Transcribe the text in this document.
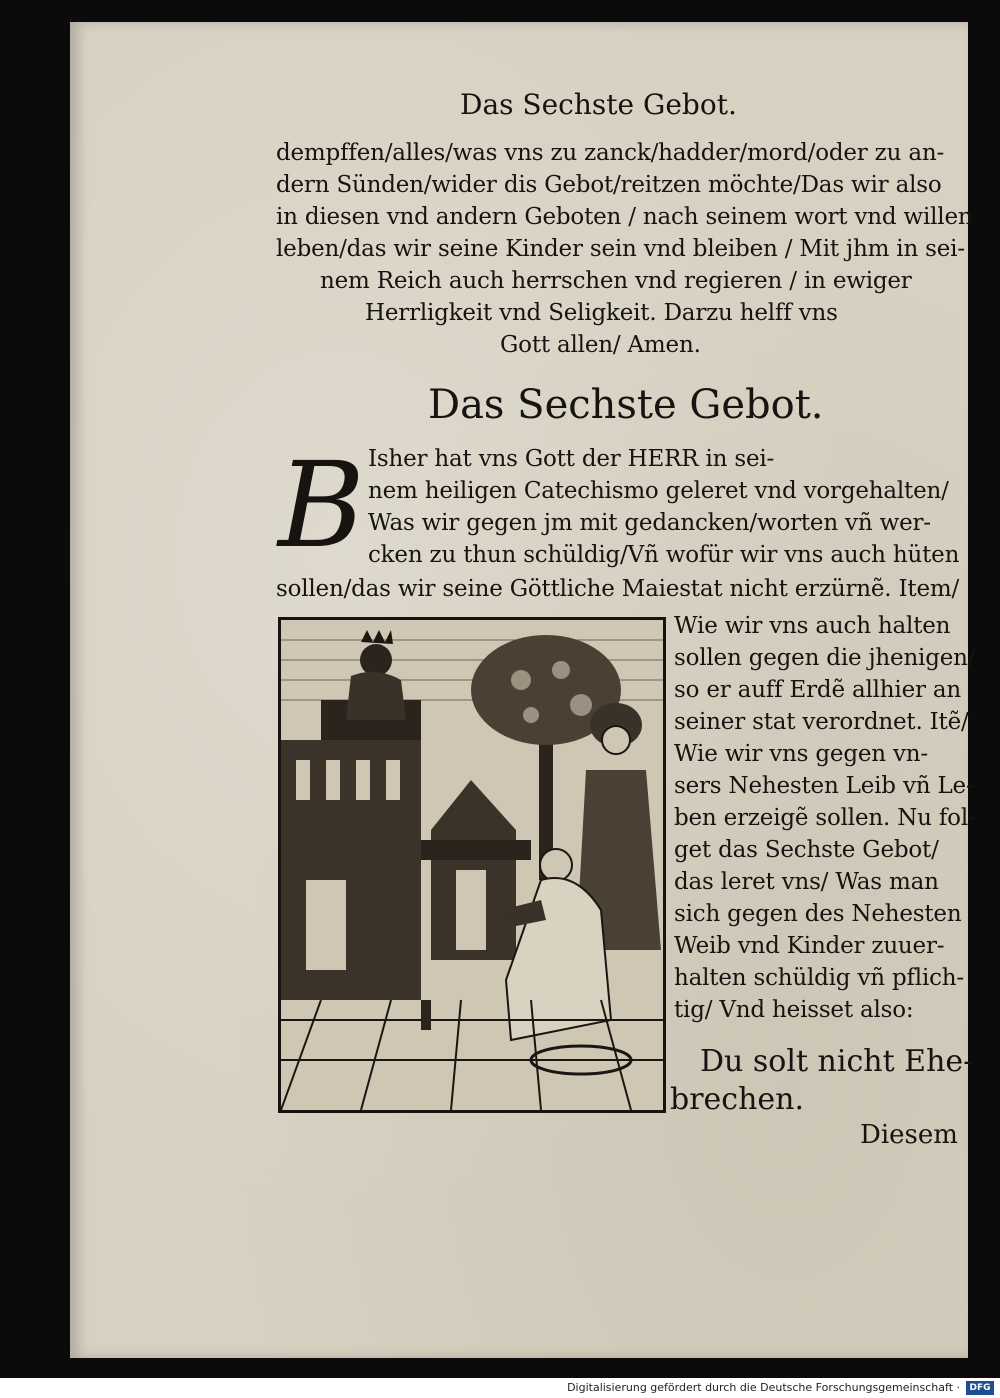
Das Sechste Gebot.
dempffen/alles/was vns zu zanck/hadder/mord/oder zu an-
dern Sünden/wider dis Gebot/reitzen möchte/Das wir also
in diesen vnd andern Geboten / nach seinem wort vnd willen
leben/das wir seine Kinder sein vnd bleiben / Mit jhm in sei-
nem Reich auch herrschen vnd regieren / in ewiger
Herrligkeit vnd Seligkeit. Darzu helff vns
Gott allen/ Amen.
Das Sechste Gebot.
B Isher hat vns Gott der HERR in sei-
nem heiligen Catechismo geleret vnd vorgehalten/
Was wir gegen jm mit gedancken/worten vñ wer-
cken zu thun schüldig/Vñ wofür wir vns auch hüten
sollen/das wir seine Göttliche Maiestat nicht erzürnẽ. Item/
Wie wir vns auch halten
sollen gegen die jhenigen/
so er auff Erdẽ allhier an
seiner stat verordnet. Itẽ/
Wie wir vns gegen vn-
sers Nehesten Leib vñ Le-
ben erzeigẽ sollen. Nu fol-
get das Sechste Gebot/
das leret vns/ Was man
sich gegen des Nehesten
Weib vnd Kinder zuuer-
halten schüldig vñ pflich-
tig/ Vnd heisset also:
Du solt nicht Ehe-
brechen.
Diesem
Digitalisierung gefördert durch die Deutsche Forschungsgemeinschaft ·	DFG
